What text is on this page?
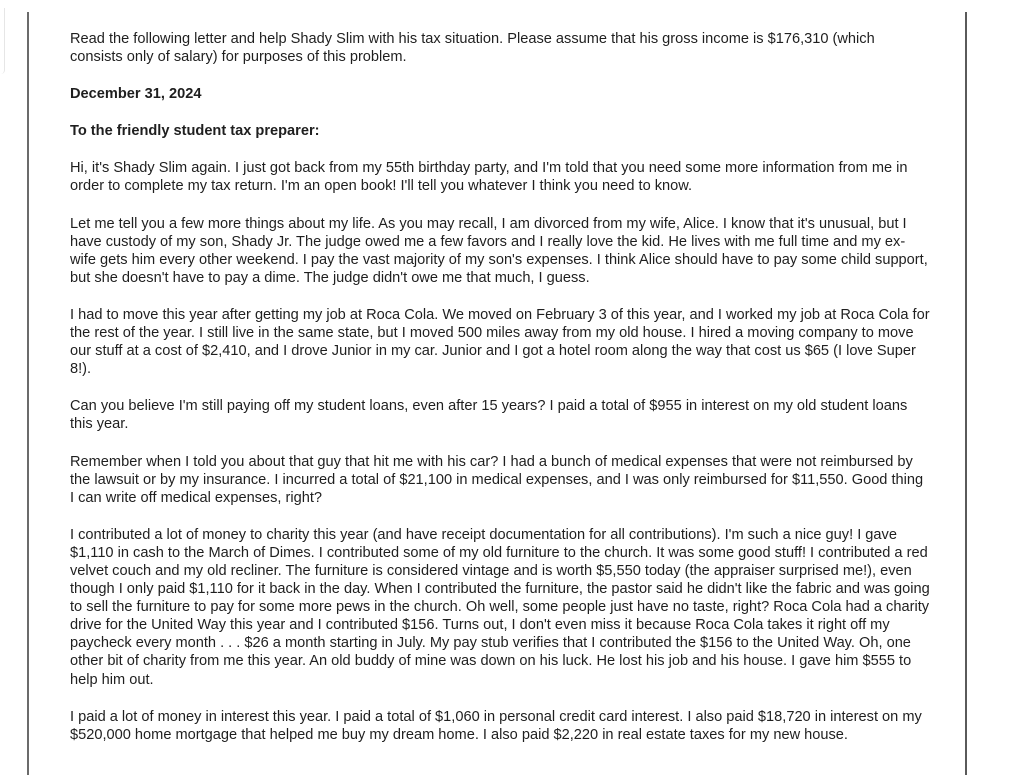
Read the following letter and help Shady Slim with his tax situation. Please assume that his gross income is $176,310 (which consists only of salary) for purposes of this problem.

December 31, 2024

To the friendly student tax preparer:

Hi, it's Shady Slim again. I just got back from my 55th birthday party, and I'm told that you need some more information from me in order to complete my tax return. I'm an open book! I'll tell you whatever I think you need to know.

Let me tell you a few more things about my life. As you may recall, I am divorced from my wife, Alice. I know that it's unusual, but I have custody of my son, Shady Jr. The judge owed me a few favors and I really love the kid. He lives with me full time and my ex-wife gets him every other weekend. I pay the vast majority of my son's expenses. I think Alice should have to pay some child support, but she doesn't have to pay a dime. The judge didn't owe me that much, I guess.

I had to move this year after getting my job at Roca Cola. We moved on February 3 of this year, and I worked my job at Roca Cola for the rest of the year. I still live in the same state, but I moved 500 miles away from my old house. I hired a moving company to move our stuff at a cost of $2,410, and I drove Junior in my car. Junior and I got a hotel room along the way that cost us $65 (I love Super 8!).

Can you believe I'm still paying off my student loans, even after 15 years? I paid a total of $955 in interest on my old student loans this year.

Remember when I told you about that guy that hit me with his car? I had a bunch of medical expenses that were not reimbursed by the lawsuit or by my insurance. I incurred a total of $21,100 in medical expenses, and I was only reimbursed for $11,550. Good thing I can write off medical expenses, right?

I contributed a lot of money to charity this year (and have receipt documentation for all contributions). I'm such a nice guy! I gave $1,110 in cash to the March of Dimes. I contributed some of my old furniture to the church. It was some good stuff! I contributed a red velvet couch and my old recliner. The furniture is considered vintage and is worth $5,550 today (the appraiser surprised me!), even though I only paid $1,110 for it back in the day. When I contributed the furniture, the pastor said he didn't like the fabric and was going to sell the furniture to pay for some more pews in the church. Oh well, some people just have no taste, right? Roca Cola had a charity drive for the United Way this year and I contributed $156. Turns out, I don't even miss it because Roca Cola takes it right off my paycheck every month . . . $26 a month starting in July. My pay stub verifies that I contributed the $156 to the United Way. Oh, one other bit of charity from me this year. An old buddy of mine was down on his luck. He lost his job and his house. I gave him $555 to help him out.

I paid a lot of money in interest this year. I paid a total of $1,060 in personal credit card interest. I also paid $18,720 in interest on my $520,000 home mortgage that helped me buy my dream home. I also paid $2,220 in real estate taxes for my new house.
